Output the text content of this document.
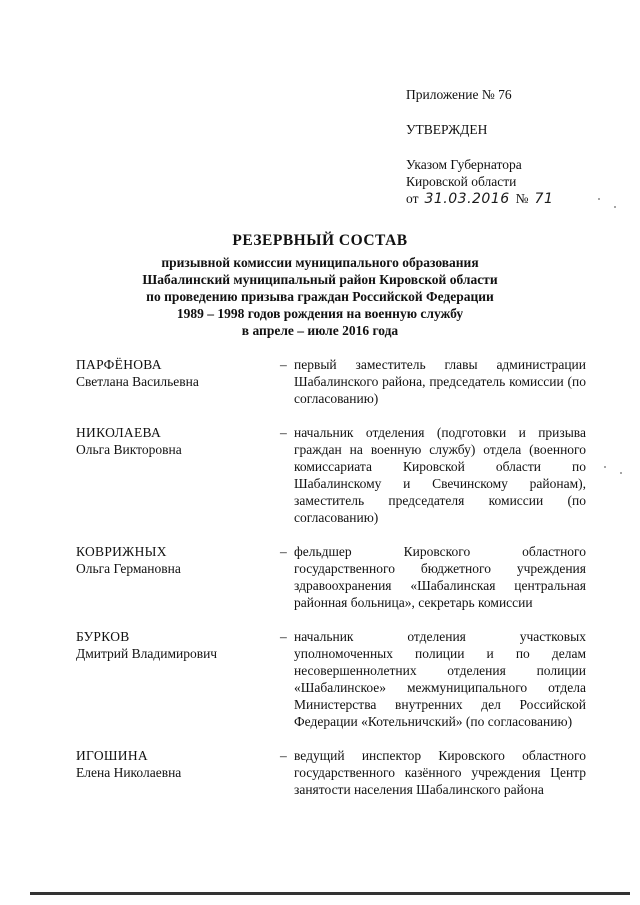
Приложение № 76
УТВЕРЖДЕН
Указом Губернатора
Кировской области
от 31.03.2016 № 71
РЕЗЕРВНЫЙ СОСТАВ
призывной комиссии муниципального образования
Шабалинский муниципальный район Кировской области
по проведению призыва граждан Российской Федерации
1989 – 1998 годов рождения на военную службу
в апреле – июле 2016 года
ПАРФЁНОВА
Светлана Васильевна
– первый заместитель главы администрации Шабалинского района, председатель комиссии (по согласованию)
НИКОЛАЕВА
Ольга Викторовна
– начальник отделения (подготовки и призыва граждан на военную службу) отдела (военного комиссариата Кировской области по Шабалинскому и Свечинскому районам), заместитель председателя комиссии (по согласованию)
КОВРИЖНЫХ
Ольга Германовна
– фельдшер Кировского областного государственного бюджетного учреждения здравоохранения «Шабалинская центральная районная больница», секретарь комиссии
БУРКОВ
Дмитрий Владимирович
– начальник отделения участковых уполномоченных полиции и по делам несовершеннолетних отделения полиции «Шабалинское» межмуниципального отдела Министерства внутренних дел Российской Федерации «Котельничский» (по согласованию)
ИГОШИНА
Елена Николаевна
– ведущий инспектор Кировского областного государственного казённого учреждения Центр занятости населения Шабалинского района
